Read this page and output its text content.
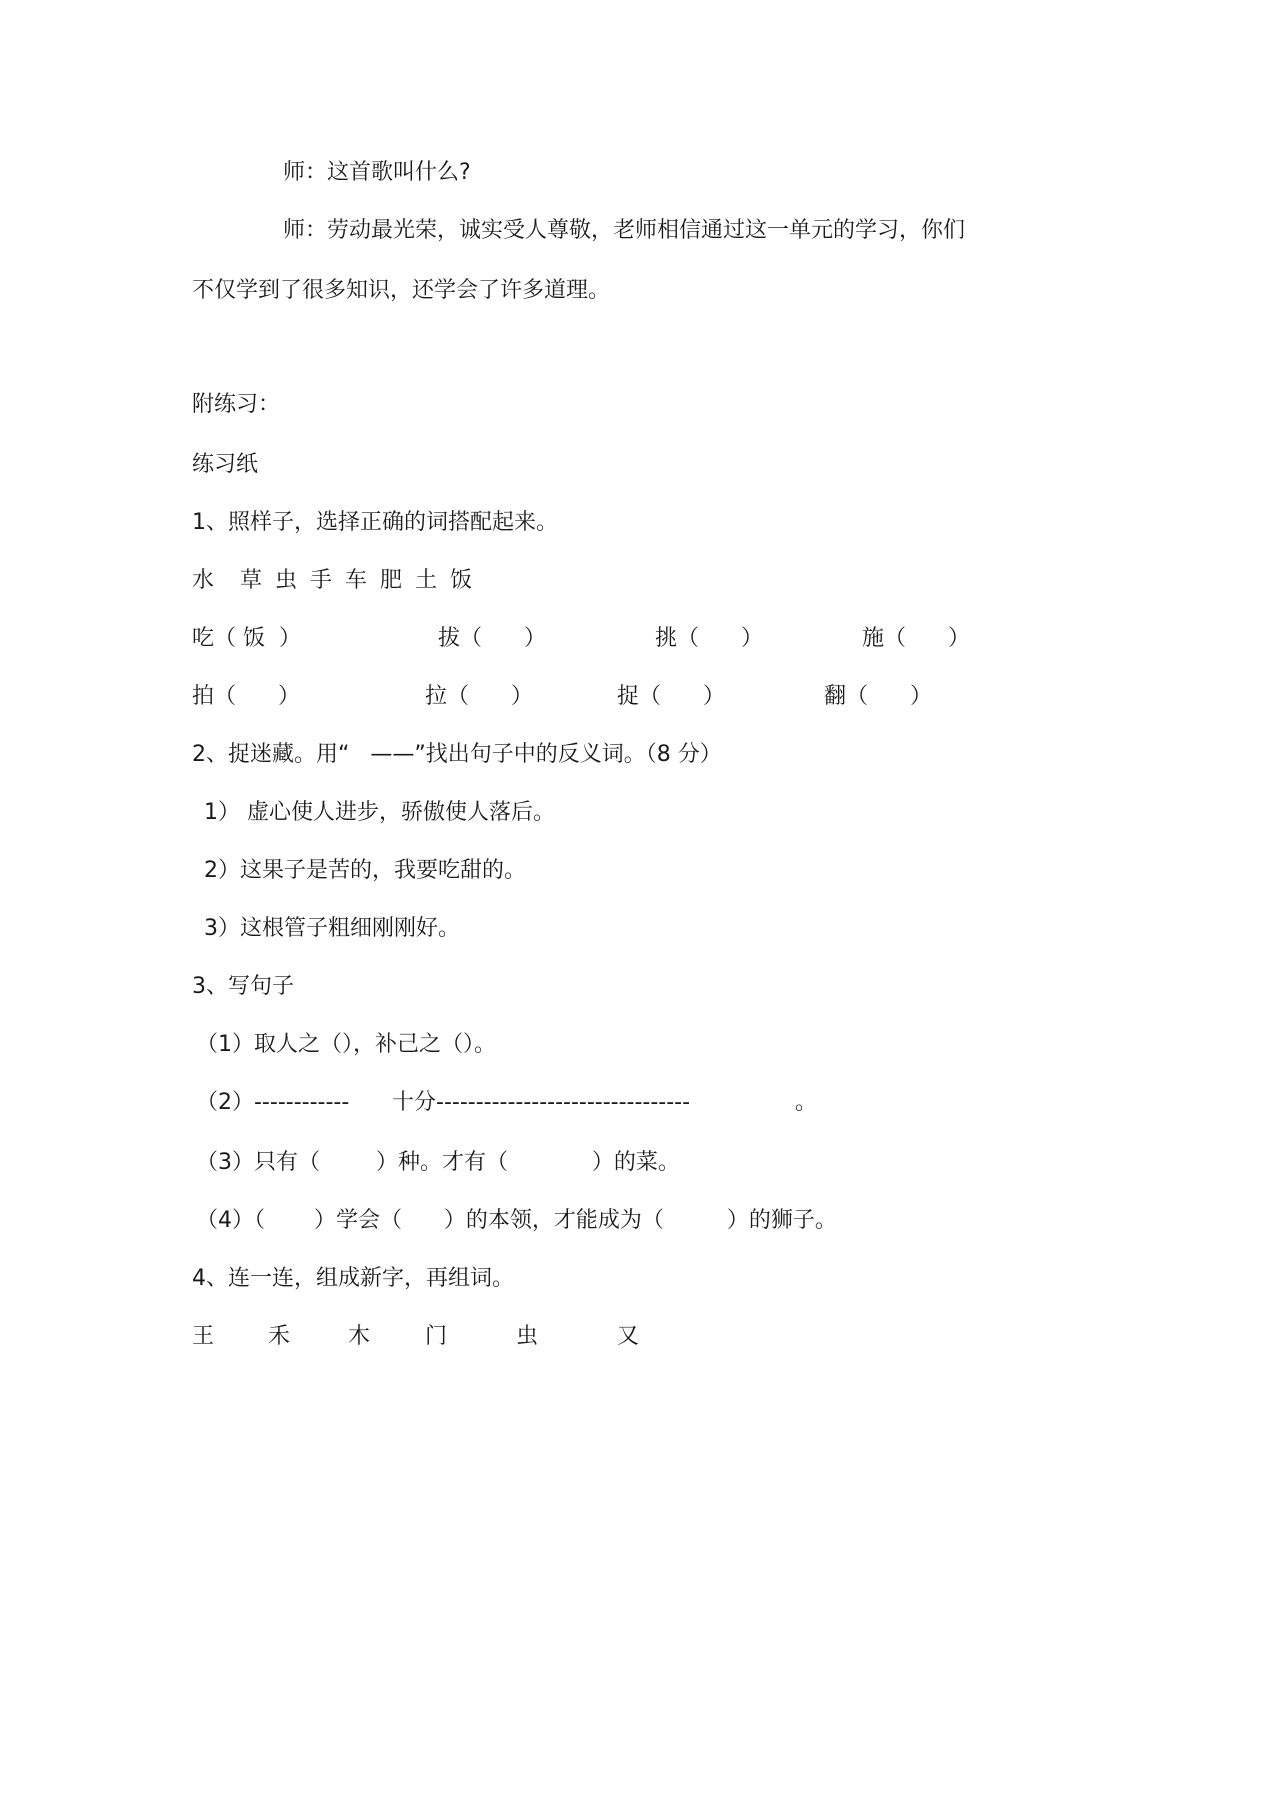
师：这首歌叫什么?
师：劳动最光荣，诚实受人尊敬，老师相信通过这一单元的学习，你们
不仅学到了很多知识，还学会了许多道理。
附练习：
练习纸
1、照样子，选择正确的词搭配起来。
水  草 虫 手 车 肥 土 饭
吃（ 饭  ）	拔（      ）	挑（      ）	施（      ）
拍（      ）	拉（      ）	捉（      ）	翻（      ）
2、捉迷藏。用“   ——”找出句子中的反义词。（8 分）
1） 虚心使人进步，骄傲使人落后。
2）这果子是苦的，我要吃甜的。
3）这根管子粗细刚刚好。
3、写句子
（1）取人之（），补己之（）。
（2）------------ 十分--------------------------------	。
（3）只有（        ）种。才有（            ）的菜。
（4）（       ）学会（      ）的本领，才能成为（         ）的狮子。
4、连一连，组成新字，再组词。
王 禾	木 门	虫	又
